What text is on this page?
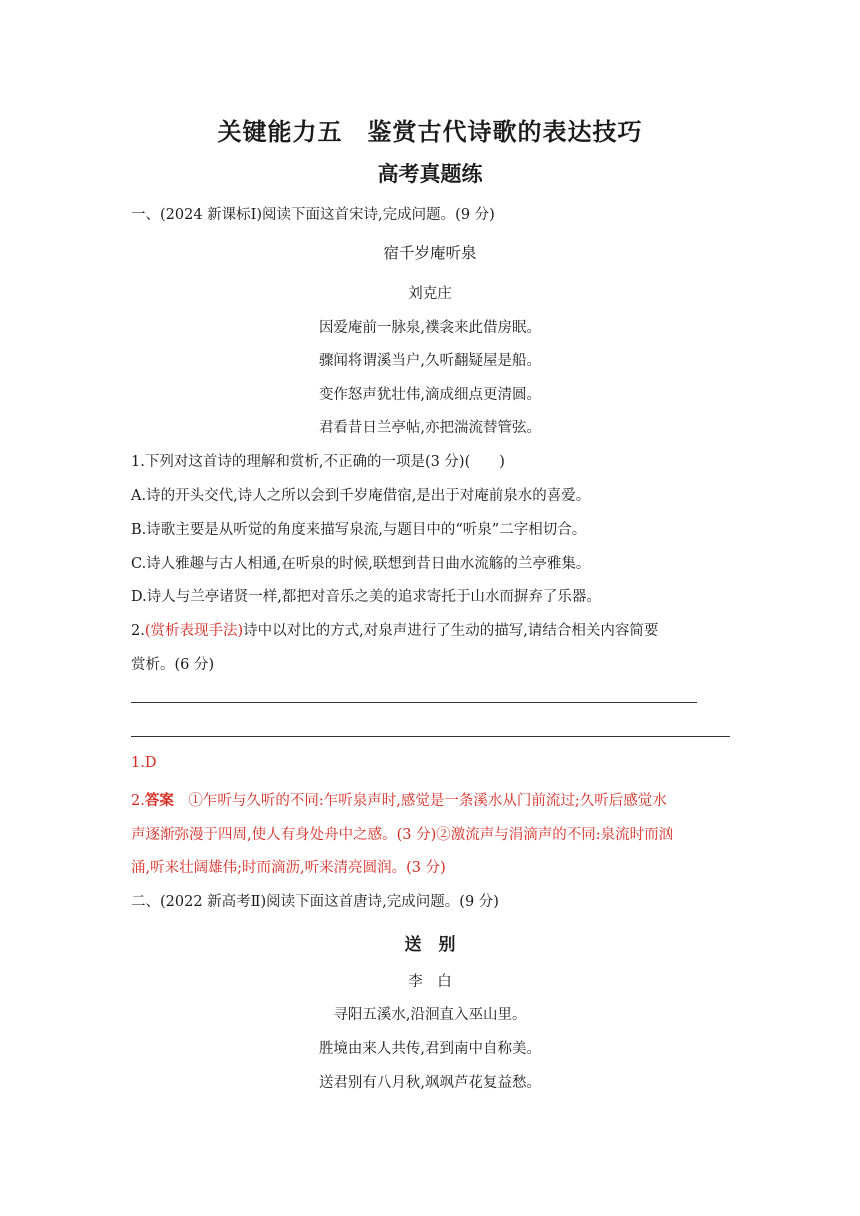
关键能力五　鉴赏古代诗歌的表达技巧
高考真题练
一、(2024 新课标Ⅰ)阅读下面这首宋诗,完成问题。(9 分)
宿千岁庵听泉
刘克庄
因爱庵前一脉泉,襆衾来此借房眠。
骤闻将谓溪当户,久听翻疑屋是船。
变作怒声犹壮伟,滴成细点更清圆。
君看昔日兰亭帖,亦把湍流替管弦。
1.下列对这首诗的理解和赏析,不正确的一项是(3 分)(　　)
A.诗的开头交代,诗人之所以会到千岁庵借宿,是出于对庵前泉水的喜爱。
B.诗歌主要是从听觉的角度来描写泉流,与题目中的“听泉”二字相切合。
C.诗人雅趣与古人相通,在听泉的时候,联想到昔日曲水流觞的兰亭雅集。
D.诗人与兰亭诸贤一样,都把对音乐之美的追求寄托于山水而摒弃了乐器。
2.(赏析表现手法)诗中以对比的方式,对泉声进行了生动的描写,请结合相关内容简要
赏析。(6 分)
1.D
2.答案　 ①乍听与久听的不同:乍听泉声时,感觉是一条溪水从门前流过;久听后感觉水
声逐渐弥漫于四周,使人有身处舟中之感。(3 分)②激流声与涓滴声的不同:泉流时而汹
涌,听来壮阔雄伟;时而滴沥,听来清亮圆润。(3 分)
二、(2022 新高考Ⅱ)阅读下面这首唐诗,完成问题。(9 分)
送　别
李　白
寻阳五溪水,沿洄直入巫山里。
胜境由来人共传,君到南中自称美。
送君别有八月秋,飒飒芦花复益愁。
